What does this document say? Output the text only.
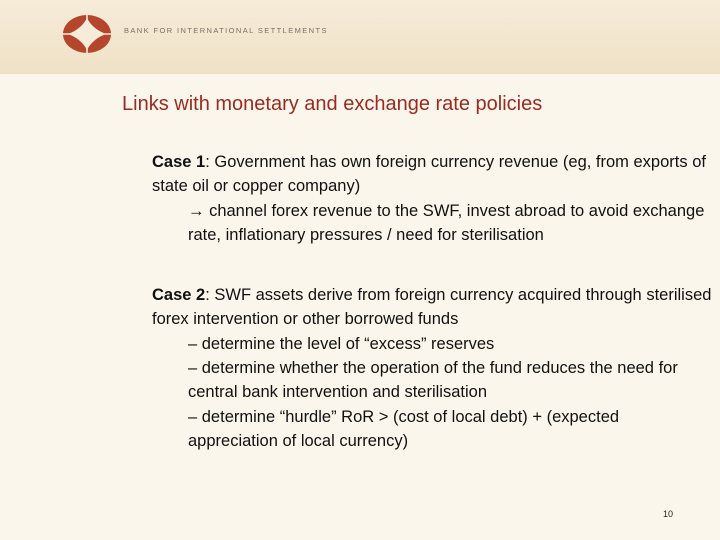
BANK FOR INTERNATIONAL SETTLEMENTS
Links with monetary and exchange rate policies

Case 1: Government has own foreign currency revenue (eg, from exports of state oil or copper company)

→ channel forex revenue to the SWF, invest abroad to avoid exchange rate, inflationary pressures / need for sterilisation

Case 2: SWF assets derive from foreign currency acquired through sterilised forex intervention or other borrowed funds

– determine the level of “excess” reserves

– determine whether the operation of the fund reduces the need for central bank intervention and sterilisation

– determine “hurdle” RoR > (cost of local debt) + (expected appreciation of local currency)

10
